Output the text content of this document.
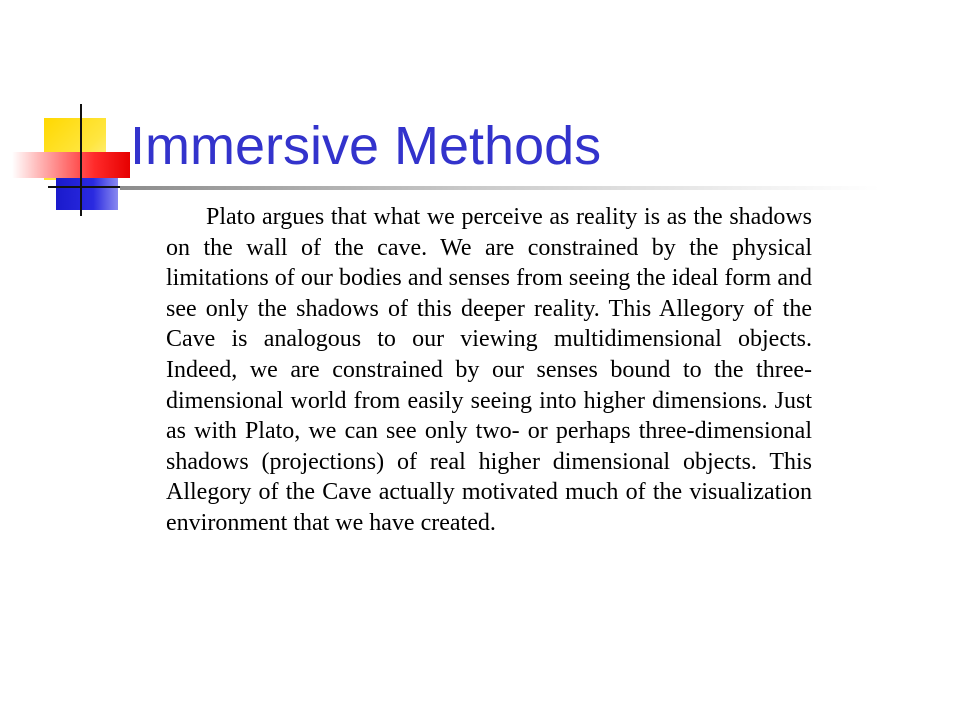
Immersive Methods

Plato argues that what we perceive as reality is as the shadows on the wall of the cave. We are constrained by the physical limitations of our bodies and senses from seeing the ideal form and see only the shadows of this deeper reality. This Allegory of the Cave is analogous to our viewing multidimensional objects. Indeed, we are constrained by our senses bound to the three-dimensional world from easily seeing into higher dimensions. Just as with Plato, we can see only two- or perhaps three-dimensional shadows (projections) of real higher dimensional objects. This Allegory of the Cave actually motivated much of the visualization environment that we have created.
